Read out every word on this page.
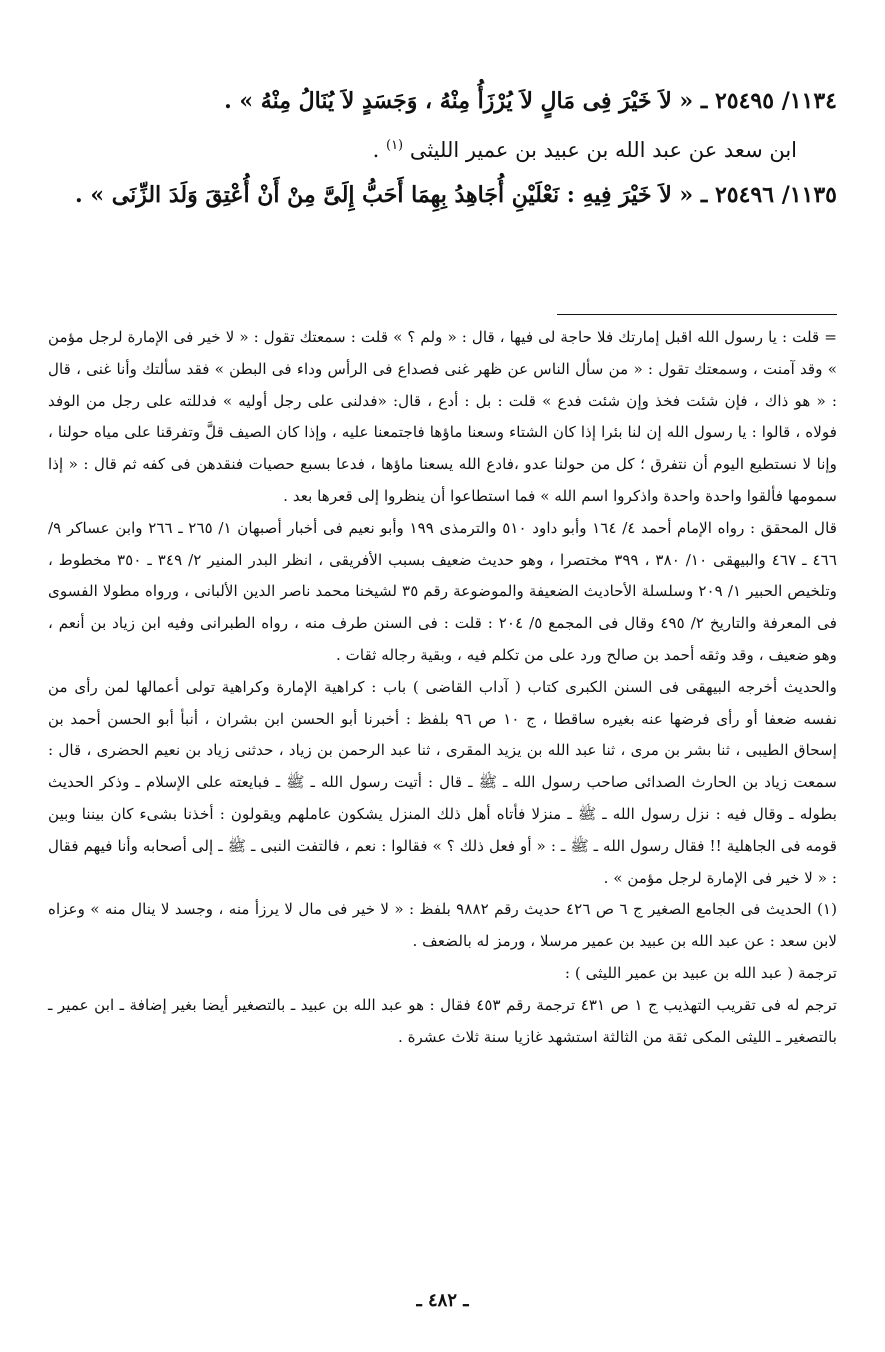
١١٣٤/ ٢٥٤٩٥ ـ « لاَ خَيْرَ فِى مَالٍ لاَ يُرْزَأُ مِنْهُ ، وَجَسَدٍ لاَ يُنَالُ مِنْهُ » .

ابن سعد عن عبد الله بن عبيد بن عمير الليثى $^{(١)}$ .

١١٣٥/ ٢٥٤٩٦ ـ « لاَ خَيْرَ فِيهِ : نَعْلَيْنِ أُجَاهِدُ بِهِمَا أَحَبُّ إِلَىَّ مِنْ أَنْ أُعْتِقَ وَلَدَ الزِّنَى » .

= قلت : يا رسول الله اقبل إمارتك فلا حاجة لى فيها ، قال : « ولم ؟ » قلت : سمعتك تقول : « لا خير فى الإمارة لرجل مؤمن » وقد آمنت ، وسمعتك تقول : « من سأل الناس عن ظهر غنى فصداع فى الرأس وداء فى البطن » فقد سألتك وأنا غنى ، قال : « هو ذاك ، فإن شئت فخذ وإن شئت فدع » قلت : بل : أدع ، قال: «فدلنى على رجل أوليه » فدللته على رجل من الوفد فولاه ، قالوا : يا رسول الله إن لنا بئرا إذا كان الشتاء وسعنا ماؤها فاجتمعنا عليه ، وإذا كان الصيف قلَّ وتفرقنا على مياه حولنا ، وإنا لا نستطيع اليوم أن نتفرق ؛ كل من حولنا عدو ،فادع الله يسعنا ماؤها ، فدعا بسبع حصيات فنقدهن فى كفه ثم قال : « إذا سمومها فألقوا واحدة واحدة واذكروا اسم الله » فما استطاعوا أن ينظروا إلى قعرها بعد .

قال المحقق : رواه الإمام أحمد ٤/ ١٦٤ وأبو داود ٥١٠ والترمذى ١٩٩ وأبو نعيم فى أخبار أصبهان ١/ ٢٦٥ ـ ٢٦٦ وابن عساكر ٩/ ٤٦٦ ـ ٤٦٧ والبيهقى ١٠/ ٣٨٠ ، ٣٩٩ مختصرا ، وهو حديث ضعيف بسبب الأفريقى ، انظر البدر المنير ٢/ ٣٤٩ ـ ٣٥٠ مخطوط ، وتلخيص الحبير ١/ ٢٠٩ وسلسلة الأحاديث الضعيفة والموضوعة رقم ٣٥ لشيخنا محمد ناصر الدين الألبانى ، ورواه مطولا الفسوى فى المعرفة والتاريخ ٢/ ٤٩٥ وقال فى المجمع ٥/ ٢٠٤ : قلت : فى السنن طرف منه ، رواه الطبرانى وفيه ابن زياد بن أنعم ، وهو ضعيف ، وقد وثقه أحمد بن صالح ورد على من تكلم فيه ، وبقية رجاله ثقات .

والحديث أخرجه البيهقى فى السنن الكبرى كتاب ( آداب القاضى ) باب : كراهية الإمارة وكراهية تولى أعمالها لمن رأى من نفسه ضعفا أو رأى فرضها عنه بغيره ساقطا ، ج ١٠ ص ٩٦ بلفظ : أخبرنا أبو الحسن ابن بشران ، أنبأ أبو الحسن أحمد بن إسحاق الطيبى ، ثنا بشر بن مرى ، ثنا عبد الله بن يزيد المقرى ، ثنا عبد الرحمن بن زياد ، حدثنى زياد بن نعيم الحضرى ، قال : سمعت زياد بن الحارث الصدائى صاحب رسول الله ـ ﷺ ـ قال : أتيت رسول الله ـ ﷺ ـ فبايعته على الإسلام ـ وذكر الحديث بطوله ـ وقال فيه : نزل رسول الله ـ ﷺ ـ منزلا فأتاه أهل ذلك المنزل يشكون عاملهم ويقولون : أخذنا بشىء كان بيننا وبين قومه فى الجاهلية !! فقال رسول الله ـ ﷺ ـ : « أو فعل ذلك ؟ » فقالوا : نعم ، فالتفت النبى ـ ﷺ ـ إلى أصحابه وأنا فيهم فقال : « لا خير فى الإمارة لرجل مؤمن » .

(١) الحديث فى الجامع الصغير ج ٦ ص ٤٢٦ حديث رقم ٩٨٨٢ بلفظ : « لا خير فى مال لا يرزأ منه ، وجسد لا ينال منه » وعزاه لابن سعد : عن عبد الله بن عبيد بن عمير مرسلا ، ورمز له بالضعف .

ترجمة ( عبد الله بن عبيد بن عمير الليثى ) :

ترجم له فى تقريب التهذيب ج ١ ص ٤٣١ ترجمة رقم ٤٥٣ فقال : هو عبد الله بن عبيد ـ بالتصغير أيضا بغير إضافة ـ ابن عمير ـ بالتصغير ـ الليثى المكى ثقة من الثالثة استشهد غازيا سنة ثلاث عشرة .

ـ ٤٨٢ ـ
